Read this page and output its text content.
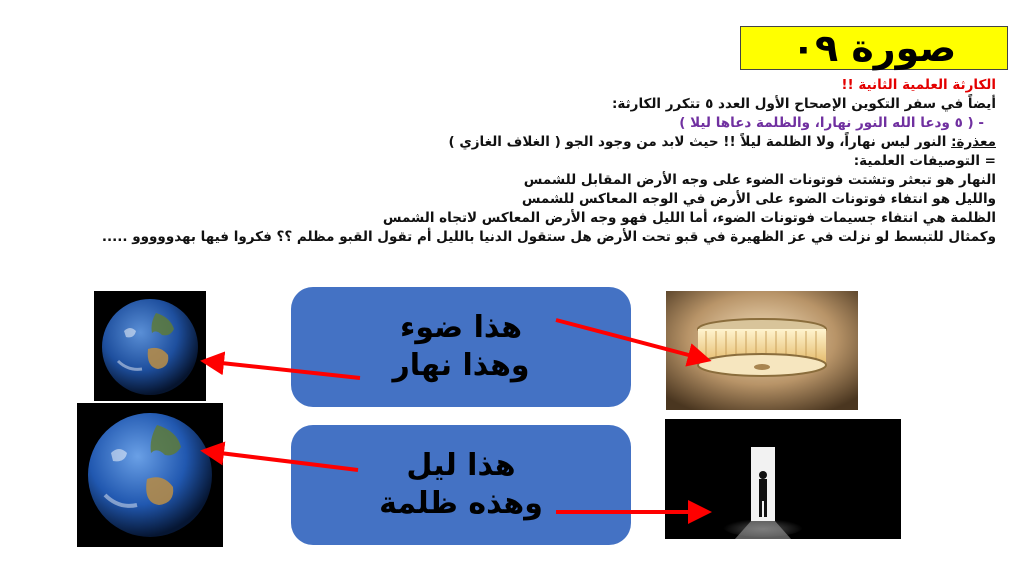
صورة ٠٩
الكارثة العلمية الثانية !!
أيضاً في سفر التكوين الإصحاح الأول العدد ٥ تتكرر الكارثة:
- ( ٥ ودعا الله النور نهارا، والظلمة دعاها ليلا )
معذرة: النور ليس نهاراً، ولا الظلمة ليلاً !! حيث لابد من وجود الجو ( الغلاف الغازي )
= التوصيفات العلمية:
النهار هو تبعثر وتشتت فوتونات الضوء على وجه الأرض المقابل للشمس
والليل هو انتفاء فوتونات الضوء على الأرض في الوجه المعاكس للشمس
الظلمة هي انتفاء جسيمات فوتونات الضوء، أما الليل فهو وجه الأرض المعاكس لاتجاه الشمس
وكمثال للتبسط لو نزلت في عز الظهيرة في قبو تحت الأرض هل ستقول الدنيا بالليل أم تقول القبو مظلم ؟؟ فكروا فيها بهدووووو .....
هذا ضوء
وهذا نهار
هذا ليل
وهذه ظلمة
